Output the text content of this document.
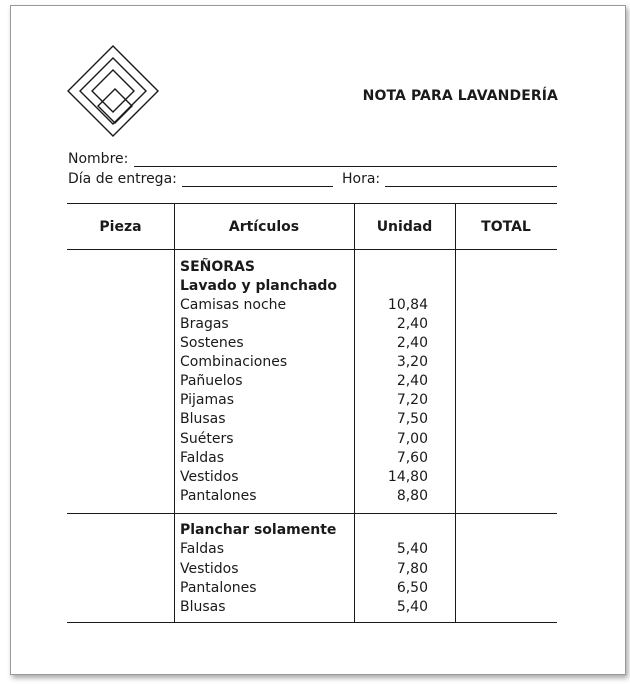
NOTA PARA LAVANDERÍA
Nombre:
Día de entrega:	Hora:
Pieza	Artículos	Unidad	TOTAL
SEÑORAS
Lavado y planchado
Camisas noche	10,84
Bragas	2,40
Sostenes	2,40
Combinaciones	3,20
Pañuelos	2,40
Pijamas	7,20
Blusas	7,50
Suéters	7,00
Faldas	7,60
Vestidos	14,80
Pantalones	8,80
Planchar solamente
Faldas	5,40
Vestidos	7,80
Pantalones	6,50
Blusas	5,40
